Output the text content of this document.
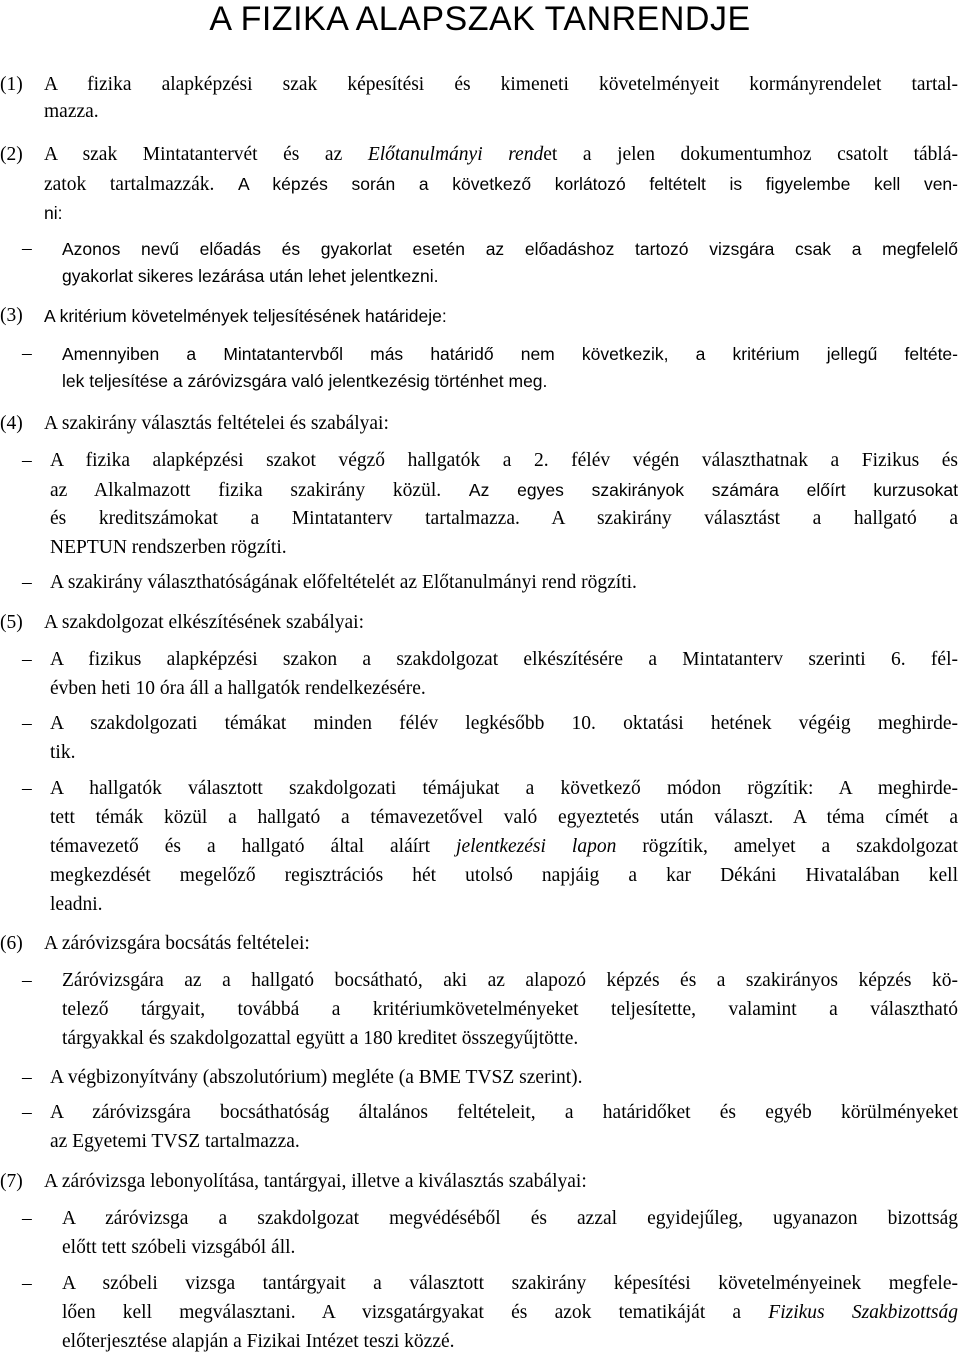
A FIZIKA ALAPSZAK TANRENDJE
(1) A fizika alapképzési szak képesítési és kimeneti követelményeit kormányrendelet tartal-
mazza.
(2) A szak Mintatantervét és az Előtanulmányi rendet a jelen dokumentumhoz csatolt táblá-
zatok tartalmazzák. A képzés során a következő korlátozó feltételt is figyelembe kell ven-
ni:
– Azonos nevű előadás és gyakorlat esetén az előadáshoz tartozó vizsgára csak a megfelelő
gyakorlat sikeres lezárása után lehet jelentkezni.
(3) A kritérium követelmények teljesítésének határideje:
– Amennyiben a Mintatantervből más határidő nem következik, a kritérium jellegű feltéte-
lek teljesítése a záróvizsgára való jelentkezésig történhet meg.
(4) A szakirány választás feltételei és szabályai:
– A fizika alapképzési szakot végző hallgatók a 2. félév végén választhatnak a Fizikus és
az Alkalmazott fizika szakirány közül. Az egyes szakirányok számára előírt kurzusokat
és kreditszámokat a Mintatanterv tartalmazza. A szakirány választást a hallgató a
NEPTUN rendszerben rögzíti.
– A szakirány választhatóságának előfeltételét az Előtanulmányi rend rögzíti.
(5) A szakdolgozat elkészítésének szabályai:
– A fizikus alapképzési szakon a szakdolgozat elkészítésére a Mintatanterv szerinti 6. fél-
évben heti 10 óra áll a hallgatók rendelkezésére.
– A szakdolgozati témákat minden félév legkésőbb 10. oktatási hetének végéig meghirde-
tik.
– A hallgatók választott szakdolgozati témájukat a következő módon rögzítik: A meghirde-
tett témák közül a hallgató a témavezetővel való egyeztetés után választ. A téma címét a
témavezető és a hallgató által aláírt jelentkezési lapon rögzítik, amelyet a szakdolgozat
megkezdését megelőző regisztrációs hét utolsó napjáig a kar Dékáni Hivatalában kell
leadni.
(6) A záróvizsgára bocsátás feltételei:
– Záróvizsgára az a hallgató bocsátható, aki az alapozó képzés és a szakirányos képzés kö-
telező tárgyait, továbbá a kritériumkövetelményeket teljesítette, valamint a választható
tárgyakkal és szakdolgozattal együtt a 180 kreditet összegyűjtötte.
– A végbizonyítvány (abszolutórium) megléte (a BME TVSZ szerint).
– A záróvizsgára bocsáthatóság általános feltételeit, a határidőket és egyéb körülményeket
az Egyetemi TVSZ tartalmazza.
(7) A záróvizsga lebonyolítása, tantárgyai, illetve a kiválasztás szabályai:
– A záróvizsga a szakdolgozat megvédéséből és azzal egyidejűleg, ugyanazon bizottság
előtt tett szóbeli vizsgából áll.
– A szóbeli vizsga tantárgyait a választott szakirány képesítési követelményeinek megfele-
lően kell megválasztani. A vizsgatárgyakat és azok tematikáját a Fizikus Szakbizottság
előterjesztése alapján a Fizikai Intézet teszi közzé.
